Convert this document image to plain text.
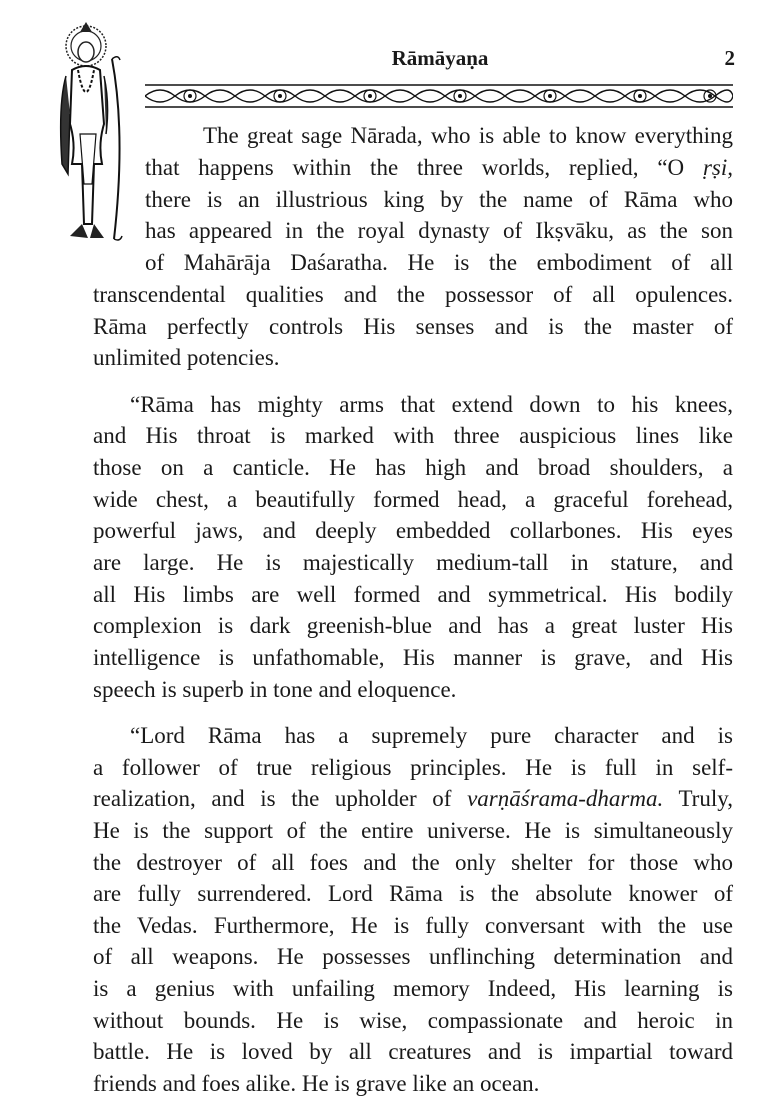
Rāmāyaṇa	2
The great sage Nārada, who is able to know everything
that happens within the three worlds, replied, “O ṛṣi,
there is an illustrious king by the name of Rāma who
has appeared in the royal dynasty of Ikṣvāku, as the son
of Mahārāja Daśaratha. He is the embodiment of all
transcendental qualities and the possessor of all opulences.
Rāma perfectly controls His senses and is the master of
unlimited potencies.
“Rāma has mighty arms that extend down to his knees,
and His throat is marked with three auspicious lines like
those on a canticle. He has high and broad shoulders, a
wide chest, a beautifully formed head, a graceful forehead,
powerful jaws, and deeply embedded collarbones. His eyes
are large. He is majestically medium-tall in stature, and
all His limbs are well formed and symmetrical. His bodily
complexion is dark greenish-blue and has a great luster His
intelligence is unfathomable, His manner is grave, and His
speech is superb in tone and eloquence.
“Lord Rāma has a supremely pure character and is
a follower of true religious principles. He is full in self-
realization, and is the upholder of varṇāśrama-dharma. Truly,
He is the support of the entire universe. He is simultaneously
the destroyer of all foes and the only shelter for those who
are fully surrendered. Lord Rāma is the absolute knower of
the Vedas. Furthermore, He is fully conversant with the use
of all weapons. He possesses unflinching determination and
is a genius with unfailing memory Indeed, His learning is
without bounds. He is wise, compassionate and heroic in
battle. He is loved by all creatures and is impartial toward
friends and foes alike. He is grave like an ocean.
